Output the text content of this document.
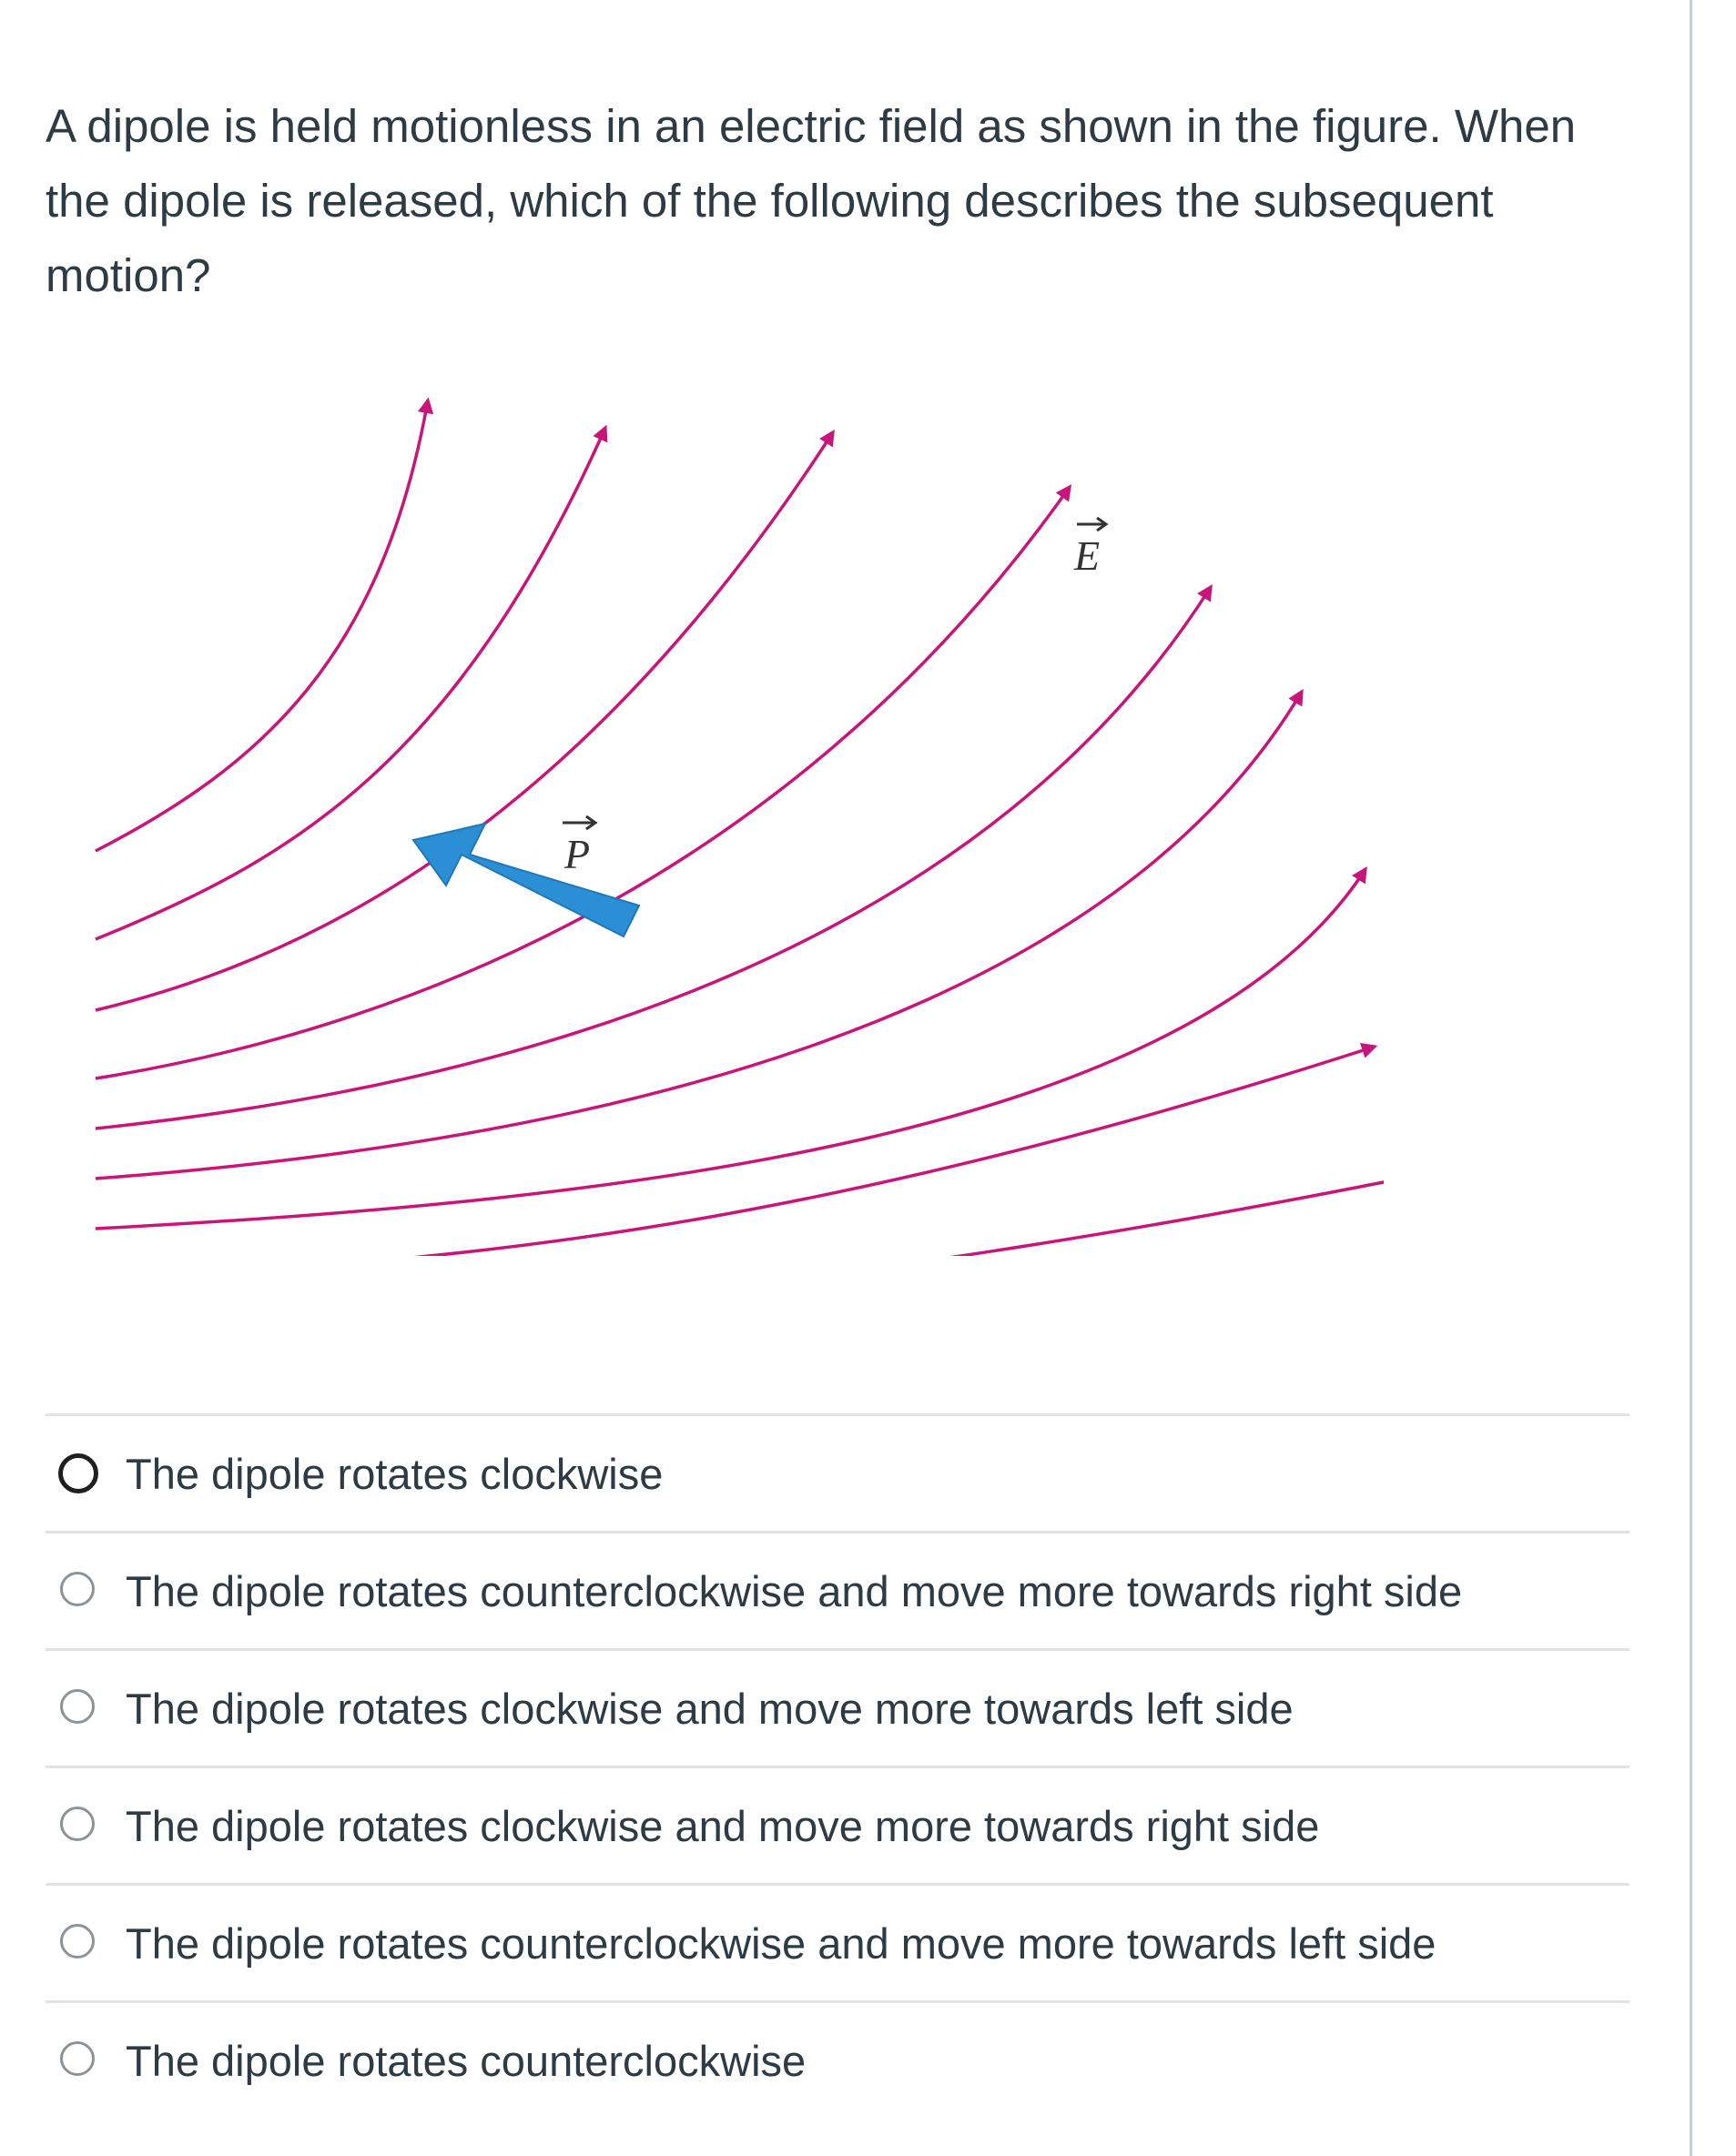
A dipole is held motionless in an electric field as shown in the figure. When the dipole is released, which of the following describes the subsequent motion?

P
E
The dipole rotates clockwise
The dipole rotates counterclockwise and move more towards right side
The dipole rotates clockwise and move more towards left side
The dipole rotates clockwise and move more towards right side
The dipole rotates counterclockwise and move more towards left side
The dipole rotates counterclockwise
